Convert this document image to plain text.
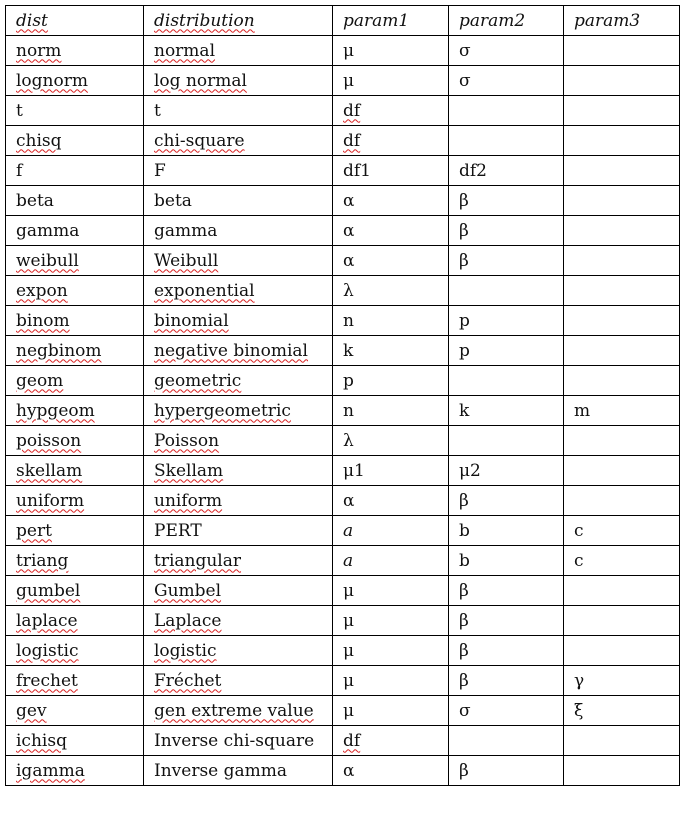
dist	distribution	param1	param2	param3
norm	normal	μ	σ	
lognorm	log normal	μ	σ	
t	t	df		
chisq	chi-square	df		
f	F	df1	df2	
beta	beta	α	β	
gamma	gamma	α	β	
weibull	Weibull	α	β	
expon	exponential	λ		
binom	binomial	n	p	
negbinom	negative binomial	k	p	
geom	geometric	p		
hypgeom	hypergeometric	n	k	m
poisson	Poisson	λ		
skellam	Skellam	μ1	μ2	
uniform	uniform	α	β	
pert	PERT	a	b	c
triang	triangular	a	b	c
gumbel	Gumbel	μ	β	
laplace	Laplace	μ	β	
logistic	logistic	μ	β	
frechet	Fréchet	μ	β	γ
gev	gen extreme value	μ	σ	ξ
ichisq	Inverse chi-square	df		
igamma	Inverse gamma	α	β	
